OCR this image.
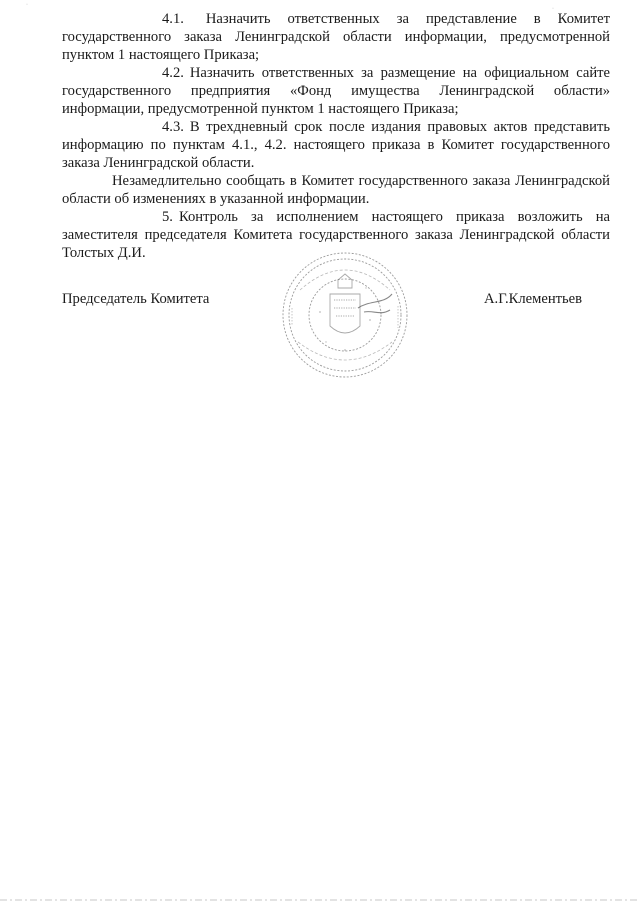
·
·

4.1. Назначить ответственных за представление в Комитет государственного заказа Ленинградской области информации, предусмотренной пунктом 1 настоящего Приказа;

4.2. Назначить ответственных за размещение на официальном сайте государственного предприятия «Фонд имущества Ленинградской области» информации, предусмотренной пунктом 1 настоящего Приказа;

4.3. В трехдневный срок после издания правовых актов представить информацию по пунктам 4.1., 4.2. настоящего приказа в Комитет государственного заказа Ленинградской области.

Незамедлительно сообщать в Комитет государственного заказа Ленинградской области об изменениях в указанной информации.

5. Контроль за исполнением настоящего приказа возложить на заместителя председателя Комитета государственного заказа Ленинградской области Толстых Д.И.

Председатель Комитета	А.Г.Клементьев
